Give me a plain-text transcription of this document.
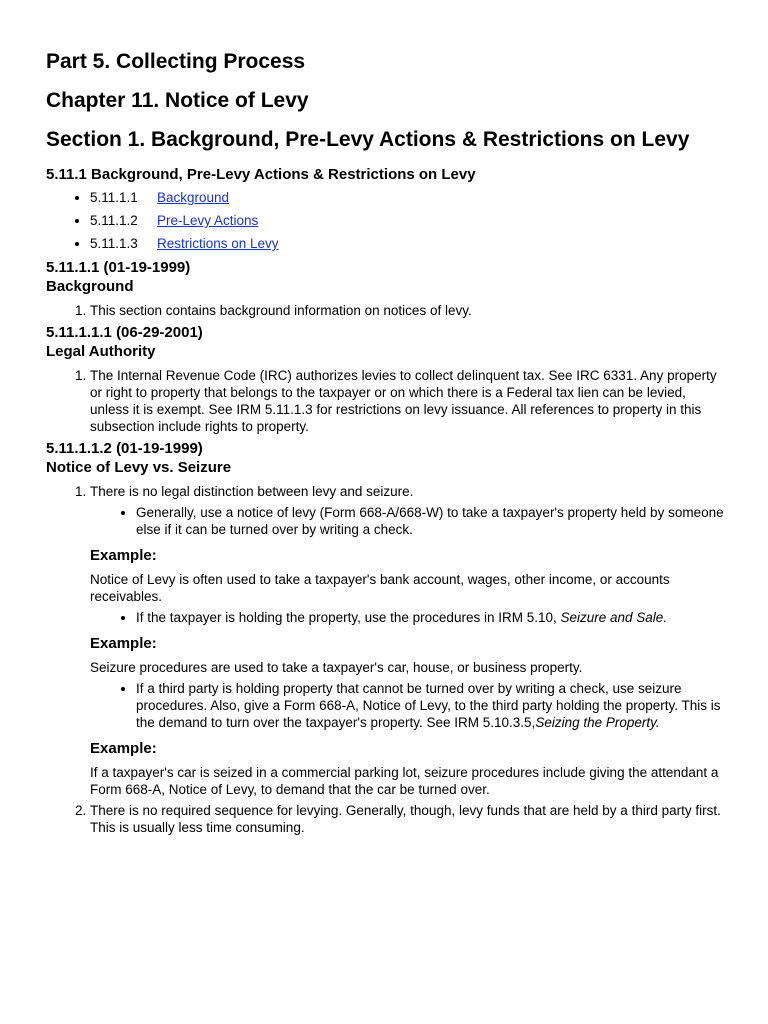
Part 5. Collecting Process
Chapter 11. Notice of Levy
Section 1. Background, Pre-Levy Actions & Restrictions on Levy
5.11.1 Background, Pre-Levy Actions & Restrictions on Levy
• 5.11.1.1 Background
• 5.11.1.2 Pre-Levy Actions
• 5.11.1.3 Restrictions on Levy
5.11.1.1 (01-19-1999)
Background
1. This section contains background information on notices of levy.
5.11.1.1.1 (06-29-2001)
Legal Authority
1. The Internal Revenue Code (IRC) authorizes levies to collect delinquent tax. See IRC 6331. Any property or right to property that belongs to the taxpayer or on which there is a Federal tax lien can be levied, unless it is exempt. See IRM 5.11.1.3 for restrictions on levy issuance. All references to property in this subsection include rights to property.
5.11.1.1.2 (01-19-1999)
Notice of Levy vs. Seizure
1. There is no legal distinction between levy and seizure.
• Generally, use a notice of levy (Form 668-A/668-W) to take a taxpayer's property held by someone else if it can be turned over by writing a check.
Example:

Notice of Levy is often used to take a taxpayer's bank account, wages, other income, or accounts receivables.

• If the taxpayer is holding the property, use the procedures in IRM 5.10, Seizure and Sale.
Example:

Seizure procedures are used to take a taxpayer's car, house, or business property.

• If a third party is holding property that cannot be turned over by writing a check, use seizure procedures. Also, give a Form 668-A, Notice of Levy, to the third party holding the property. This is the demand to turn over the taxpayer's property. See IRM 5.10.3.5,Seizing the Property.
Example:

If a taxpayer's car is seized in a commercial parking lot, seizure procedures include giving the attendant a Form 668-A, Notice of Levy, to demand that the car be turned over.

2. There is no required sequence for levying. Generally, though, levy funds that are held by a third party first. This is usually less time consuming.
